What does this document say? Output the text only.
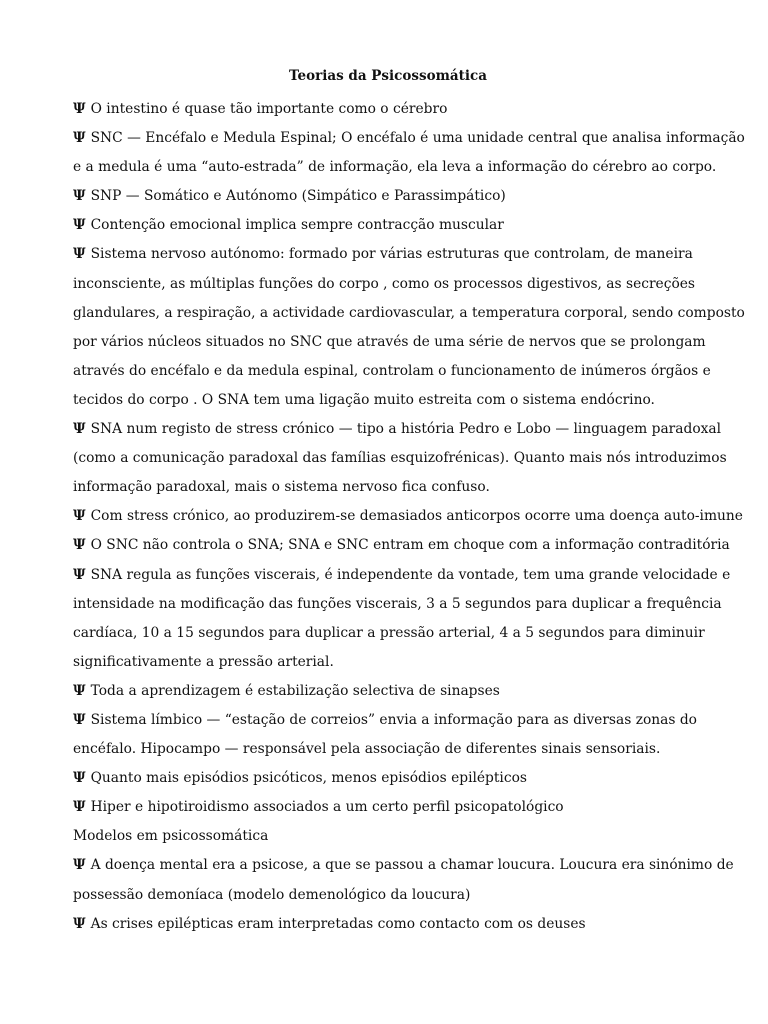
Teorias da Psicossomática
Ψ O intestino é quase tão importante como o cérebro
Ψ SNC — Encéfalo e Medula Espinal; O encéfalo é uma unidade central que analisa informação
e a medula é uma “auto-estrada” de informação, ela leva a informação do cérebro ao corpo.
Ψ SNP — Somático e Autónomo (Simpático e Parassimpático)
Ψ Contenção emocional implica sempre contracção muscular
Ψ Sistema nervoso autónomo: formado por várias estruturas que controlam, de maneira
inconsciente, as múltiplas funções do corpo , como os processos digestivos, as secreções
glandulares, a respiração, a actividade cardiovascular, a temperatura corporal, sendo composto
por vários núcleos situados no SNC que através de uma série de nervos que se prolongam
através do encéfalo e da medula espinal, controlam o funcionamento de inúmeros órgãos e
tecidos do corpo . O SNA tem uma ligação muito estreita com o sistema endócrino.
Ψ SNA num registo de stress crónico — tipo a história Pedro e Lobo — linguagem paradoxal
(como a comunicação paradoxal das famílias esquizofrénicas). Quanto mais nós introduzimos
informação paradoxal, mais o sistema nervoso fica confuso.
Ψ Com stress crónico, ao produzirem-se demasiados anticorpos ocorre uma doença auto-imune
Ψ O SNC não controla o SNA; SNA e SNC entram em choque com a informação contraditória
Ψ SNA regula as funções viscerais, é independente da vontade, tem uma grande velocidade e
intensidade na modificação das funções viscerais, 3 a 5 segundos para duplicar a frequência
cardíaca, 10 a 15 segundos para duplicar a pressão arterial, 4 a 5 segundos para diminuir
significativamente a pressão arterial.
Ψ Toda a aprendizagem é estabilização selectiva de sinapses
Ψ Sistema límbico — “estação de correios” envia a informação para as diversas zonas do
encéfalo. Hipocampo — responsável pela associação de diferentes sinais sensoriais.
Ψ Quanto mais episódios psicóticos, menos episódios epilépticos
Ψ Hiper e hipotiroidismo associados a um certo perfil psicopatológico
Modelos em psicossomática
Ψ A doença mental era a psicose, a que se passou a chamar loucura. Loucura era sinónimo de
possessão demoníaca (modelo demenológico da loucura)
Ψ As crises epilépticas eram interpretadas como contacto com os deuses
